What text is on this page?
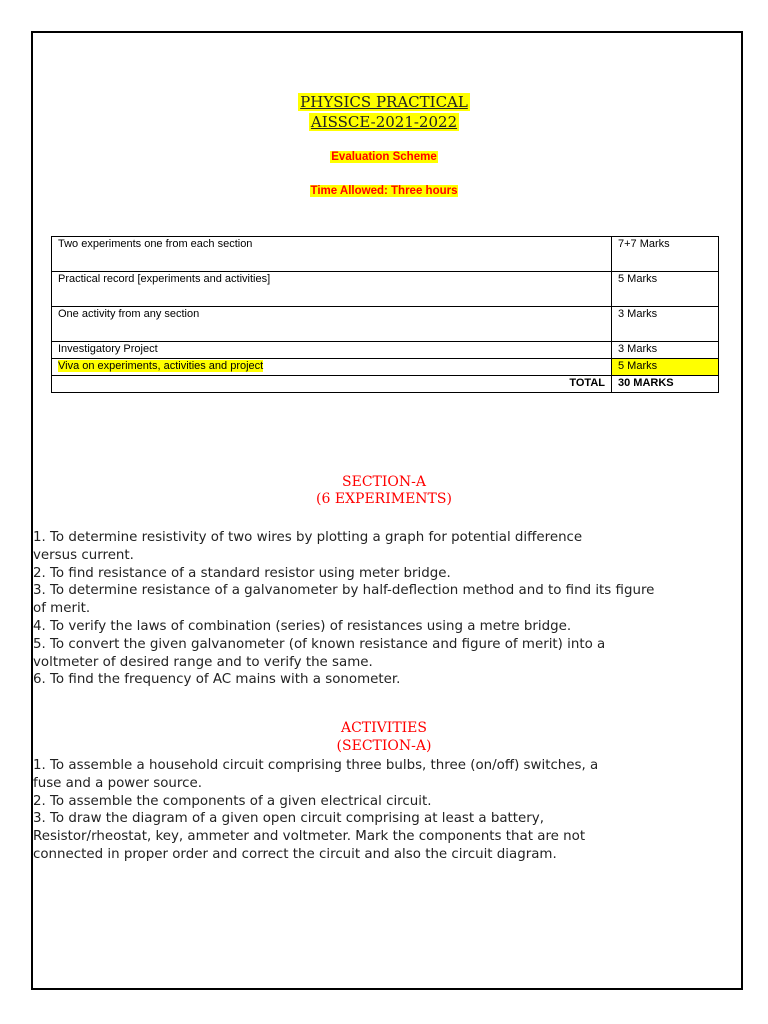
PHYSICS PRACTICAL
AISSCE-2021-2022
Evaluation Scheme
Time Allowed: Three hours
Two experiments one from each section	7+7 Marks
Practical record [experiments and activities]	5 Marks
One activity from any section	3 Marks
Investigatory Project	3 Marks
Viva on experiments, activities and project	5 Marks
TOTAL	30 MARKS
SECTION-A
(6 EXPERIMENTS)
1. To determine resistivity of two wires by plotting a graph for potential difference
versus current.
2. To find resistance of a standard resistor using meter bridge.
3. To determine resistance of a galvanometer by half-deflection method and to find its figure
of merit.
4. To verify the laws of combination (series) of resistances using a metre bridge.
5. To convert the given galvanometer (of known resistance and figure of merit) into a
voltmeter of desired range and to verify the same.
6. To find the frequency of AC mains with a sonometer.
ACTIVITIES
(SECTION-A)
1. To assemble a household circuit comprising three bulbs, three (on/off) switches, a
fuse and a power source.
2. To assemble the components of a given electrical circuit.
3. To draw the diagram of a given open circuit comprising at least a battery,
Resistor/rheostat, key, ammeter and voltmeter. Mark the components that are not
connected in proper order and correct the circuit and also the circuit diagram.
